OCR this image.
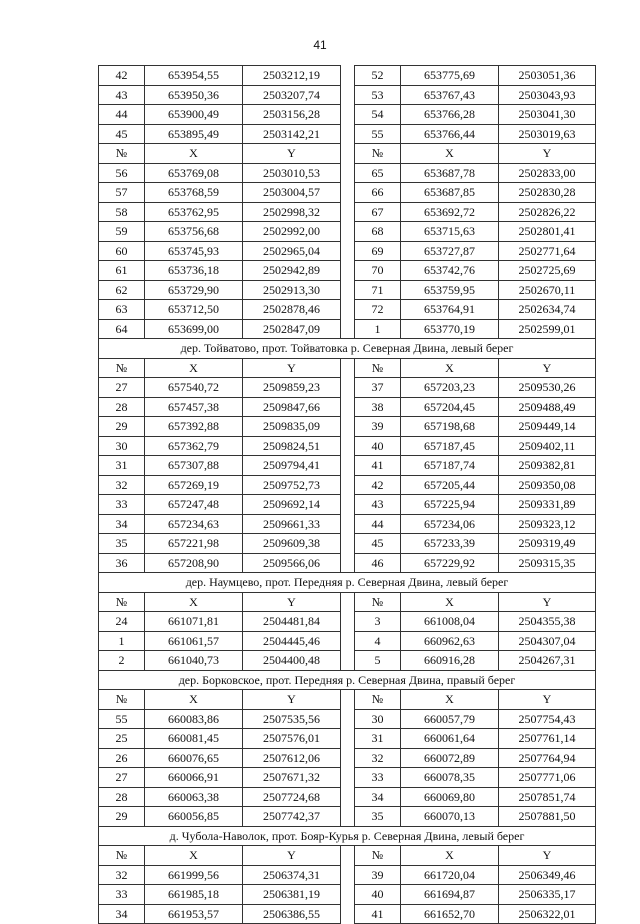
41
42	653954,55	2503212,19		52	653775,69	2503051,36
43	653950,36	2503207,74		53	653767,43	2503043,93
44	653900,49	2503156,28		54	653766,28	2503041,30
45	653895,49	2503142,21		55	653766,44	2503019,63
№	X	Y		№	X	Y
56	653769,08	2503010,53		65	653687,78	2502833,00
57	653768,59	2503004,57		66	653687,85	2502830,28
58	653762,95	2502998,32		67	653692,72	2502826,22
59	653756,68	2502992,00		68	653715,63	2502801,41
60	653745,93	2502965,04		69	653727,87	2502771,64
61	653736,18	2502942,89		70	653742,76	2502725,69
62	653729,90	2502913,30		71	653759,95	2502670,11
63	653712,50	2502878,46		72	653764,91	2502634,74
64	653699,00	2502847,09		1	653770,19	2502599,01
дер. Тойватово, прот. Тойватовка р. Северная Двина, левый берег						
№	X	Y		№	X	Y
27	657540,72	2509859,23		37	657203,23	2509530,26
28	657457,38	2509847,66		38	657204,45	2509488,49
29	657392,88	2509835,09		39	657198,68	2509449,14
30	657362,79	2509824,51		40	657187,45	2509402,11
31	657307,88	2509794,41		41	657187,74	2509382,81
32	657269,19	2509752,73		42	657205,44	2509350,08
33	657247,48	2509692,14		43	657225,94	2509331,89
34	657234,63	2509661,33		44	657234,06	2509323,12
35	657221,98	2509609,38		45	657233,39	2509319,49
36	657208,90	2509566,06		46	657229,92	2509315,35
дер. Наумцево, прот. Передняя р. Северная Двина, левый берег						
№	X	Y		№	X	Y
24	661071,81	2504481,84		3	661008,04	2504355,38
1	661061,57	2504445,46		4	660962,63	2504307,04
2	661040,73	2504400,48		5	660916,28	2504267,31
дер. Борковское, прот. Передняя р. Северная Двина, правый берег						
№	X	Y		№	X	Y
55	660083,86	2507535,56		30	660057,79	2507754,43
25	660081,45	2507576,01		31	660061,64	2507761,14
26	660076,65	2507612,06		32	660072,89	2507764,94
27	660066,91	2507671,32		33	660078,35	2507771,06
28	660063,38	2507724,68		34	660069,80	2507851,74
29	660056,85	2507742,37		35	660070,13	2507881,50
д. Чубола-Наволок, прот. Бояр-Курья р. Северная Двина, левый берег						
№	X	Y		№	X	Y
32	661999,56	2506374,31		39	661720,04	2506349,46
33	661985,18	2506381,19		40	661694,87	2506335,17
34	661953,57	2506386,55		41	661652,70	2506322,01
